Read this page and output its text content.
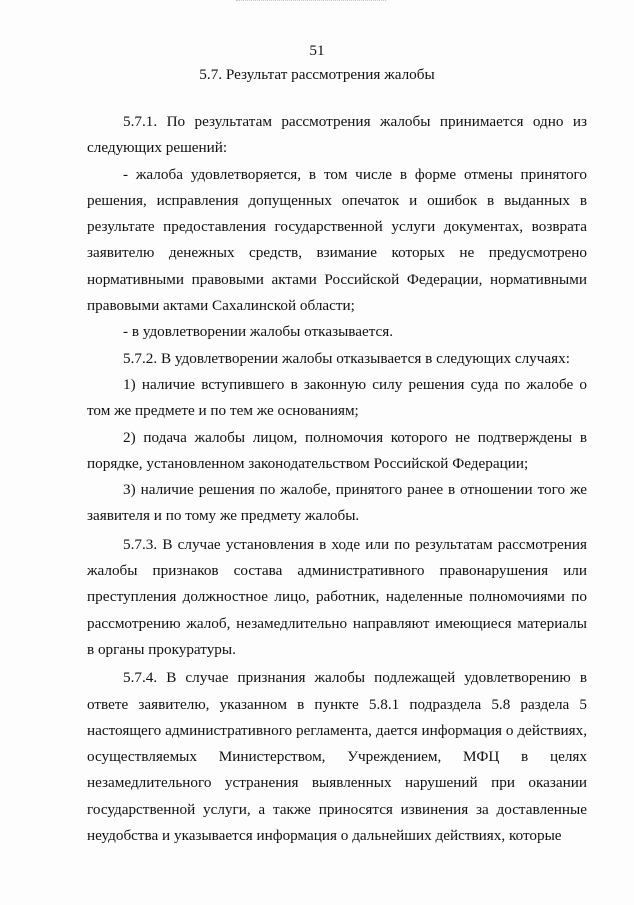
51

5.7. Результат рассмотрения жалобы

5.7.1. По результатам рассмотрения жалобы принимается одно из следующих решений:

- жалоба удовлетворяется, в том числе в форме отмены принятого решения, исправления допущенных опечаток и ошибок в выданных в результате предоставления государственной услуги документах, возврата заявителю денежных средств, взимание которых не предусмотрено нормативными правовыми актами Российской Федерации, нормативными правовыми актами Сахалинской области;

- в удовлетворении жалобы отказывается.

5.7.2. В удовлетворении жалобы отказывается в следующих случаях:

1) наличие вступившего в законную силу решения суда по жалобе о том же предмете и по тем же основаниям;

2) подача жалобы лицом, полномочия которого не подтверждены в порядке, установленном законодательством Российской Федерации;

3) наличие решения по жалобе, принятого ранее в отношении того же заявителя и по тому же предмету жалобы.

5.7.3. В случае установления в ходе или по результатам рассмотрения жалобы признаков состава административного правонарушения или преступления должностное лицо, работник, наделенные полномочиями по рассмотрению жалоб, незамедлительно направляют имеющиеся материалы в органы прокуратуры.

5.7.4. В случае признания жалобы подлежащей удовлетворению в ответе заявителю, указанном в пункте 5.8.1 подраздела 5.8 раздела 5 настоящего административного регламента, дается информация о действиях, осуществляемых Министерством, Учреждением, МФЦ в целях незамедлительного устранения выявленных нарушений при оказании государственной услуги, а также приносятся извинения за доставленные неудобства и указывается информация о дальнейших действиях, которые
